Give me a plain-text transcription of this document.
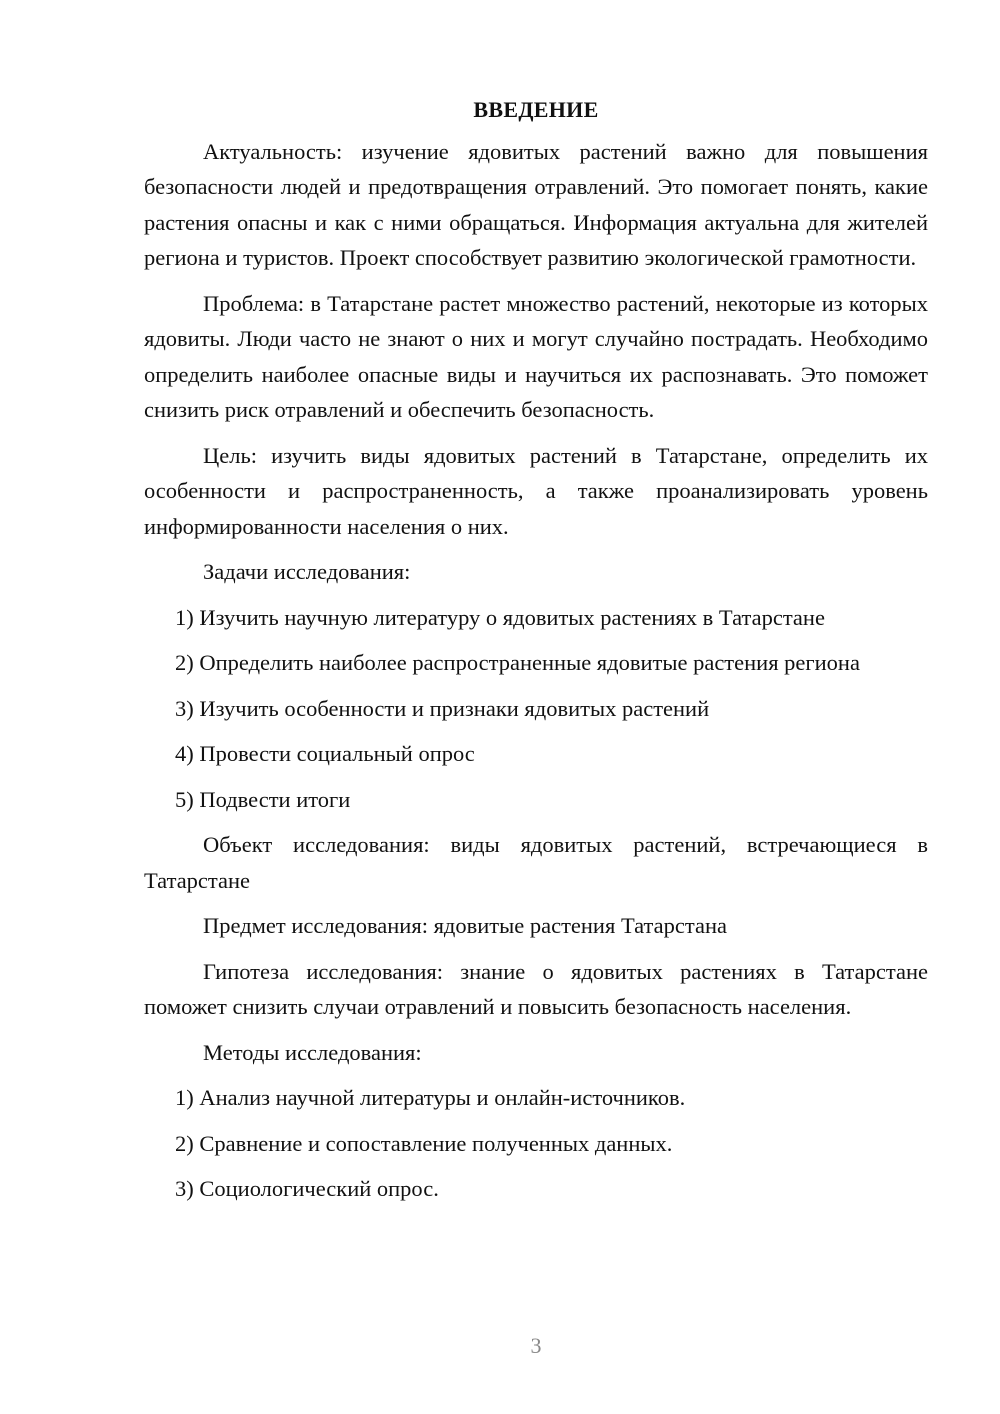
ВВЕДЕНИЕ

Актуальность: изучение ядовитых растений важно для повышения безопасности людей и предотвращения отравлений. Это помогает понять, какие растения опасны и как с ними обращаться. Информация актуальна для жителей региона и туристов. Проект способствует развитию экологической грамотности.

Проблема: в Татарстане растет множество растений, некоторые из которых ядовиты. Люди часто не знают о них и могут случайно пострадать. Необходимо определить наиболее опасные виды и научиться их распознавать. Это поможет снизить риск отравлений и обеспечить безопасность.

Цель: изучить виды ядовитых растений в Татарстане, определить их особенности и распространенность, а также проанализировать уровень информированности населения о них.

Задачи исследования:

1) Изучить научную литературу о ядовитых растениях в Татарстане

2) Определить наиболее распространенные ядовитые растения региона

3) Изучить особенности и признаки ядовитых растений

4) Провести социальный опрос

5) Подвести итоги

Объект исследования: виды ядовитых растений, встречающиеся в Татарстане

Предмет исследования: ядовитые растения Татарстана

Гипотеза исследования: знание о ядовитых растениях в Татарстане поможет снизить случаи отравлений и повысить безопасность населения.

Методы исследования:

1) Анализ научной литературы и онлайн-источников.

2) Сравнение и сопоставление полученных данных.

3) Социологический опрос.

3
